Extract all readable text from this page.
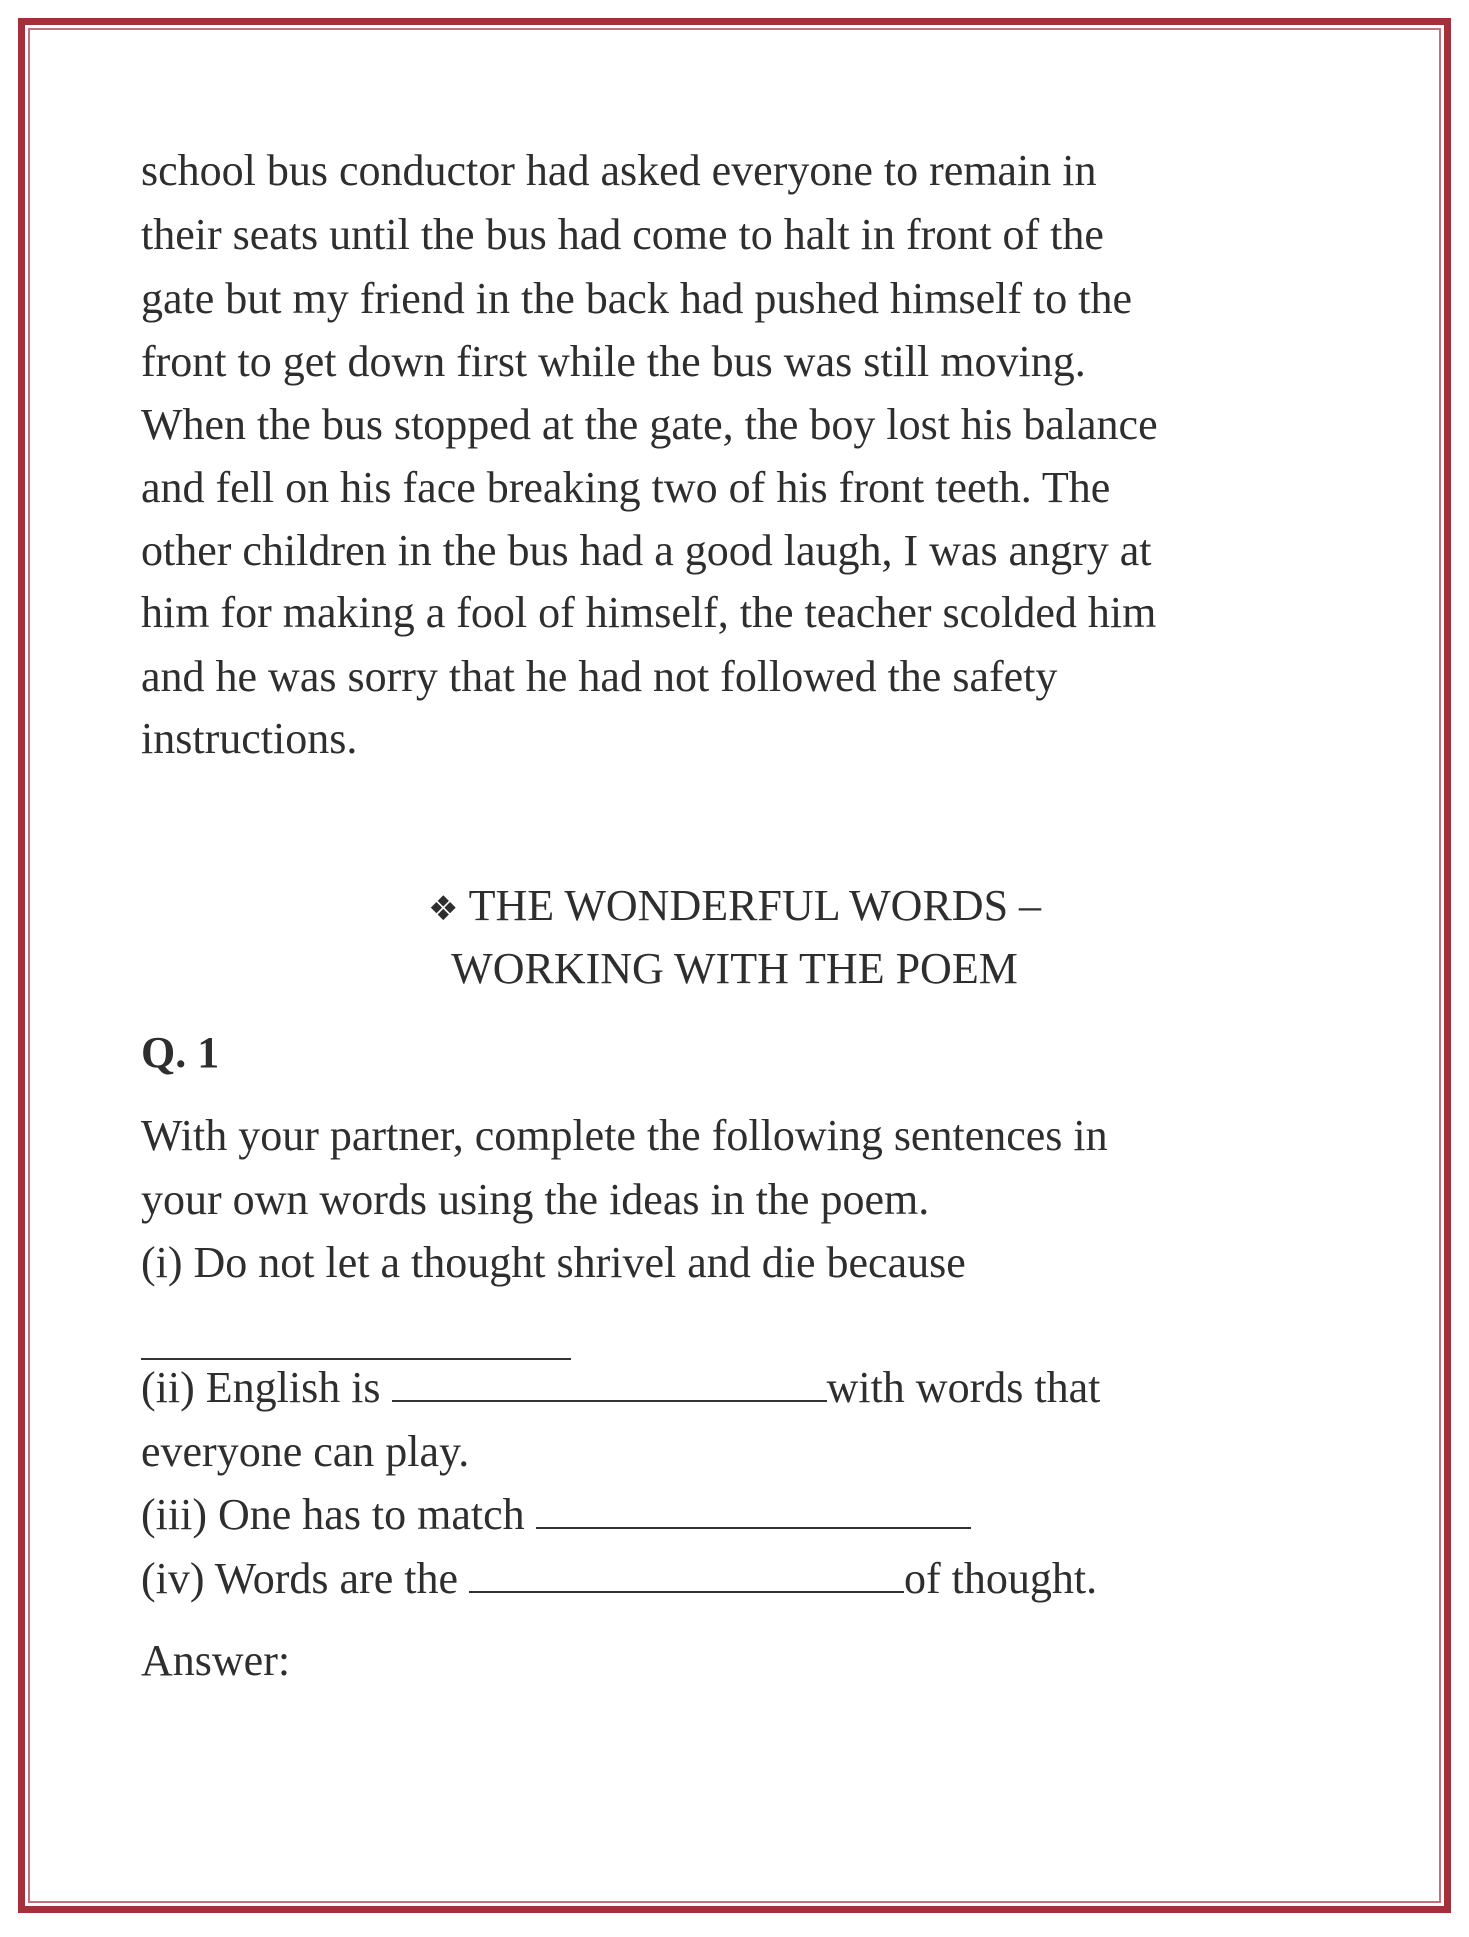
school bus conductor had asked everyone to remain in
their seats until the bus had come to halt in front of the
gate but my friend in the back had pushed himself to the
front to get down first while the bus was still moving.
When the bus stopped at the gate, the boy lost his balance
and fell on his face breaking two of his front teeth. The
other children in the bus had a good laugh, I was angry at
him for making a fool of himself, the teacher scolded him
and he was sorry that he had not followed the safety
instructions.
❖ THE WONDERFUL WORDS –
WORKING WITH THE POEM
Q. 1
With your partner, complete the following sentences in
your own words using the ideas in the poem.
(i) Do not let a thought shrivel and die because
(ii) English is	with words that
everyone can play.
(iii) One has to match
(iv) Words are the	of thought.
Answer:
